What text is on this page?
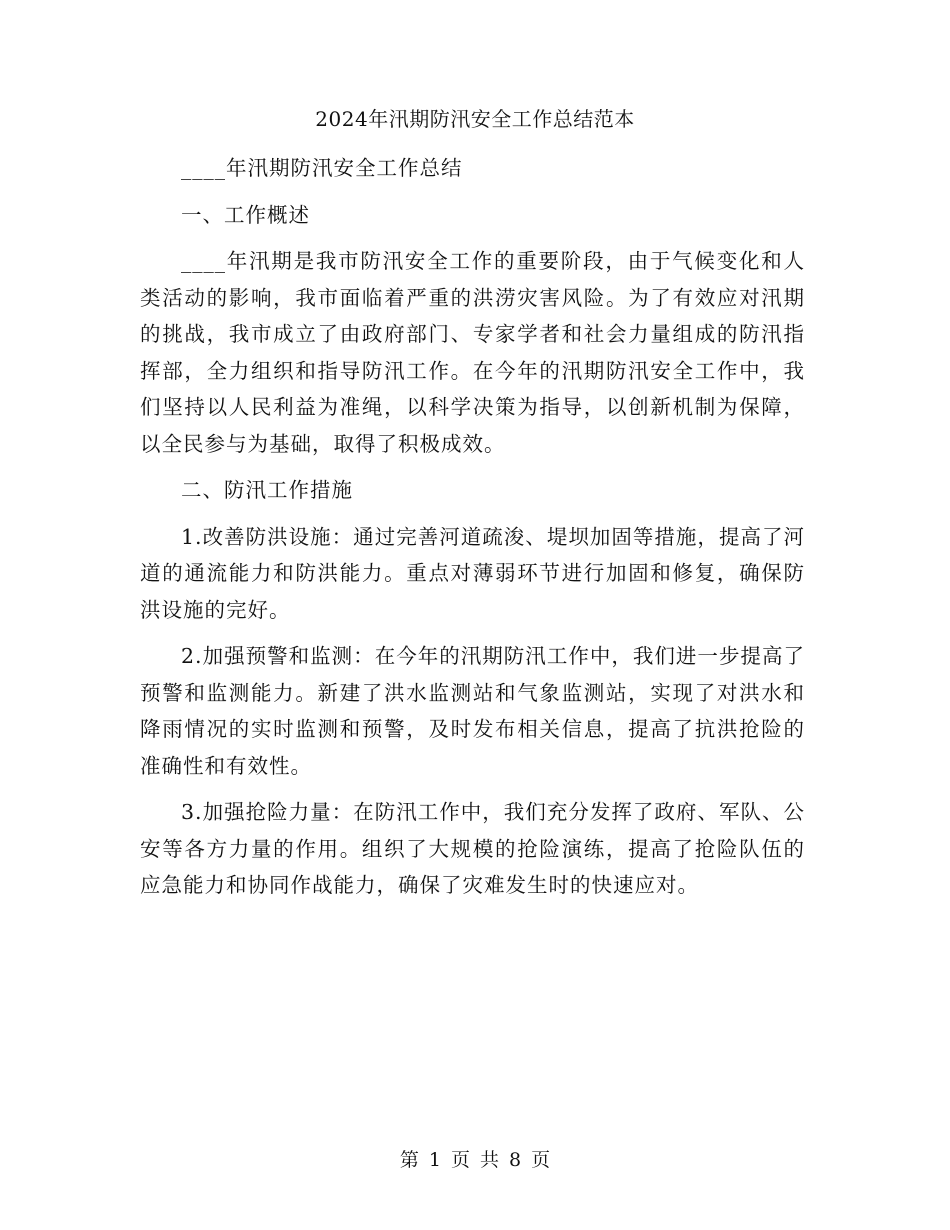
2024年汛期防汛安全工作总结范本

____年汛期防汛安全工作总结

一、工作概述

____年汛期是我市防汛安全工作的重要阶段，由于气候变化和人类活动的影响，我市面临着严重的洪涝灾害风险。为了有效应对汛期的挑战，我市成立了由政府部门、专家学者和社会力量组成的防汛指挥部，全力组织和指导防汛工作。在今年的汛期防汛安全工作中，我们坚持以人民利益为准绳，以科学决策为指导，以创新机制为保障，以全民参与为基础，取得了积极成效。

二、防汛工作措施

1.改善防洪设施：通过完善河道疏浚、堤坝加固等措施，提高了河道的通流能力和防洪能力。重点对薄弱环节进行加固和修复，确保防洪设施的完好。

2.加强预警和监测：在今年的汛期防汛工作中，我们进一步提高了预警和监测能力。新建了洪水监测站和气象监测站，实现了对洪水和降雨情况的实时监测和预警，及时发布相关信息，提高了抗洪抢险的准确性和有效性。

3.加强抢险力量：在防汛工作中，我们充分发挥了政府、军队、公安等各方力量的作用。组织了大规模的抢险演练，提高了抢险队伍的应急能力和协同作战能力，确保了灾难发生时的快速应对。

第 1 页 共 8 页
